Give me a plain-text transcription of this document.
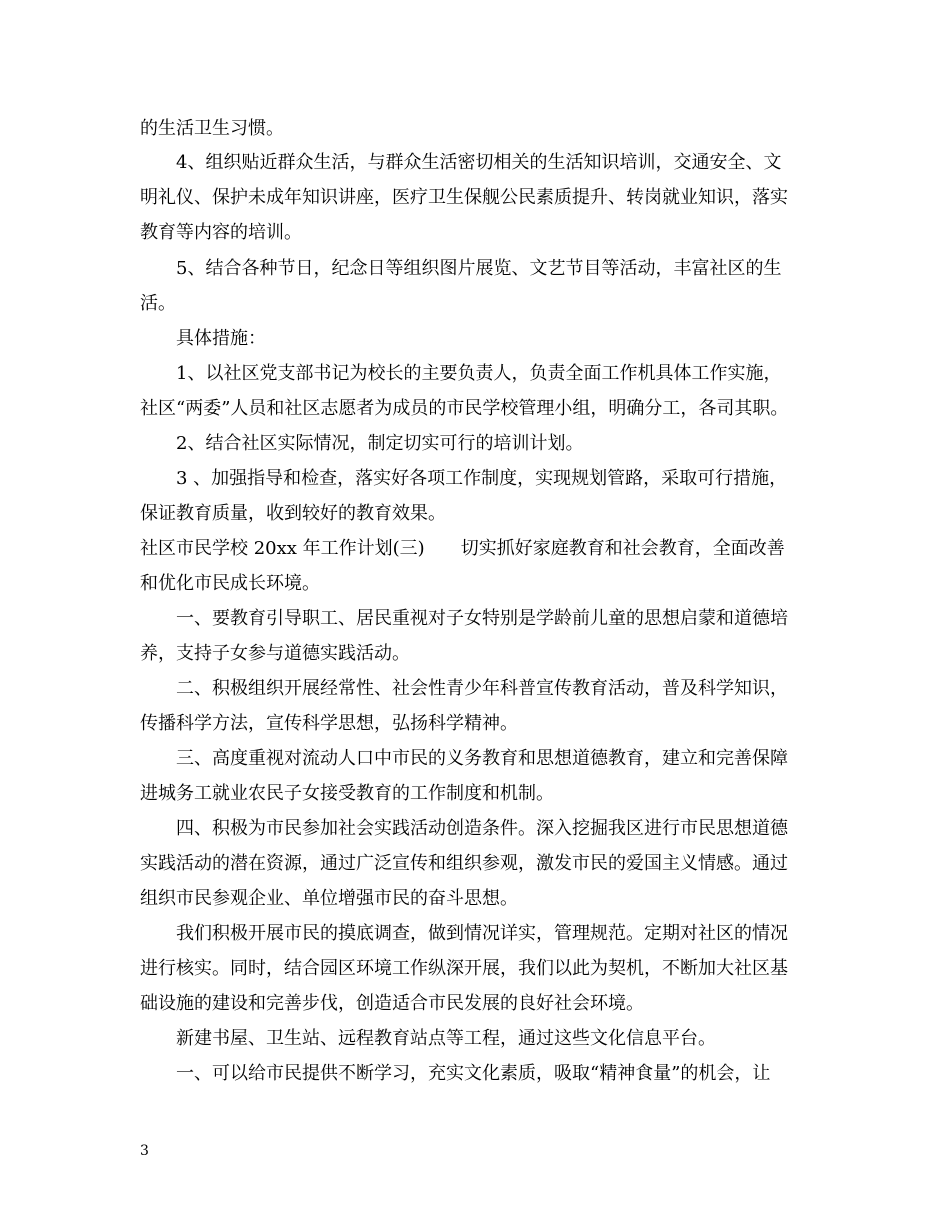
的生活卫生习惯。

4、组织贴近群众生活，与群众生活密切相关的生活知识培训，交通安全、文

明礼仪、保护未成年知识讲座，医疗卫生保舰公民素质提升、转岗就业知识，落实

教育等内容的培训。

5、结合各种节日，纪念日等组织图片展览、文艺节目等活动，丰富社区的生

活。

具体措施：

1、以社区党支部书记为校长的主要负责人，负责全面工作机具体工作实施，

社区“两委”人员和社区志愿者为成员的市民学校管理小组，明确分工，各司其职。

2、结合社区实际情况，制定切实可行的培训计划。

3 、加强指导和检查，落实好各项工作制度，实现规划管路，采取可行措施，

保证教育质量，收到较好的教育效果。

社区市民学校 20xx 年工作计划(三)　　切实抓好家庭教育和社会教育，全面改善

和优化市民成长环境。

一、要教育引导职工、居民重视对子女特别是学龄前儿童的思想启蒙和道德培

养，支持子女参与道德实践活动。

二、积极组织开展经常性、社会性青少年科普宣传教育活动，普及科学知识，

传播科学方法，宣传科学思想，弘扬科学精神。

三、高度重视对流动人口中市民的义务教育和思想道德教育，建立和完善保障

进城务工就业农民子女接受教育的工作制度和机制。

四、积极为市民参加社会实践活动创造条件。深入挖掘我区进行市民思想道德

实践活动的潜在资源，通过广泛宣传和组织参观，激发市民的爱国主义情感。通过

组织市民参观企业、单位增强市民的奋斗思想。

我们积极开展市民的摸底调查，做到情况详实，管理规范。定期对社区的情况

进行核实。同时，结合园区环境工作纵深开展，我们以此为契机，不断加大社区基

础设施的建设和完善步伐，创造适合市民发展的良好社会环境。

新建书屋、卫生站、远程教育站点等工程，通过这些文化信息平台。

一、可以给市民提供不断学习，充实文化素质，吸取“精神食量”的机会，让

3
